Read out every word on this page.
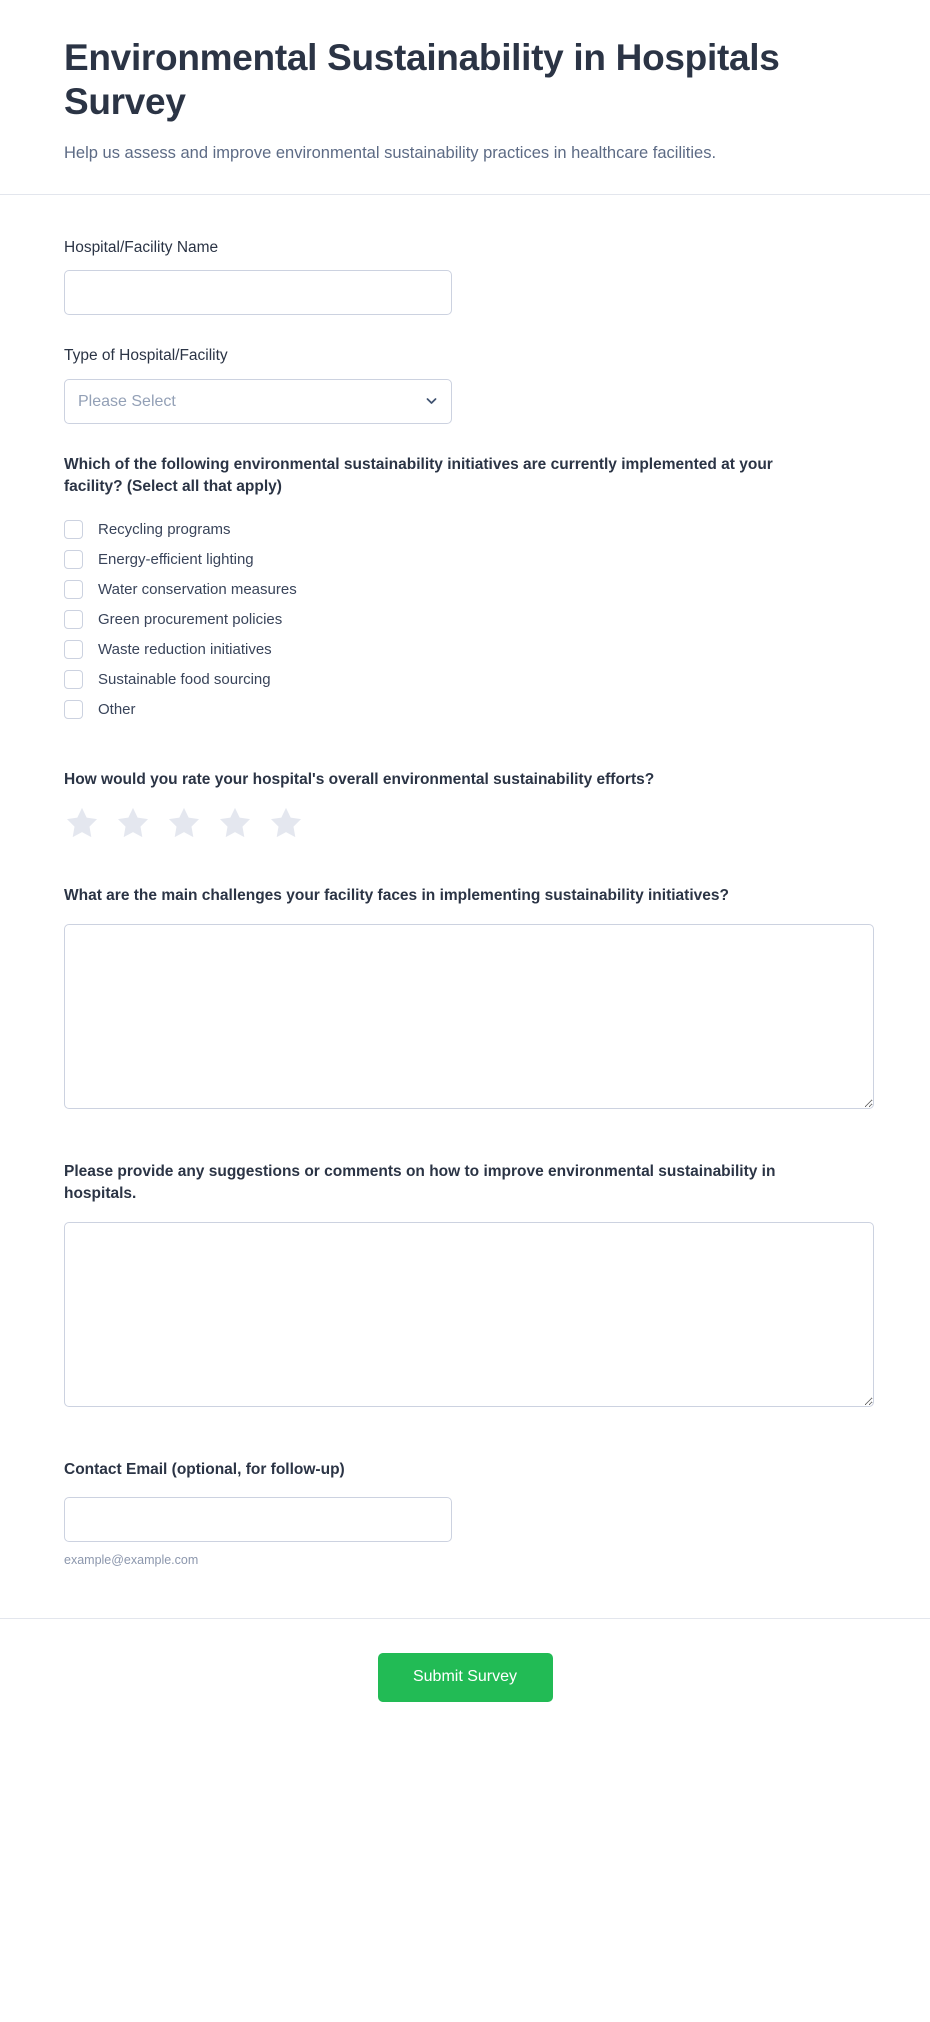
Environmental Sustainability in Hospitals Survey

Help us assess and improve environmental sustainability practices in healthcare facilities.

Hospital/Facility Name
Type of Hospital/Facility
Please Select
Which of the following environmental sustainability initiatives are currently implemented at your facility? (Select all that apply)
Recycling programs
Energy-efficient lighting
Water conservation measures
Green procurement policies
Waste reduction initiatives
Sustainable food sourcing
Other
How would you rate your hospital's overall environmental sustainability efforts?
What are the main challenges your facility faces in implementing sustainability initiatives?
Please provide any suggestions or comments on how to improve environmental sustainability in hospitals.
Contact Email (optional, for follow-up)
example@example.com
Submit Survey
